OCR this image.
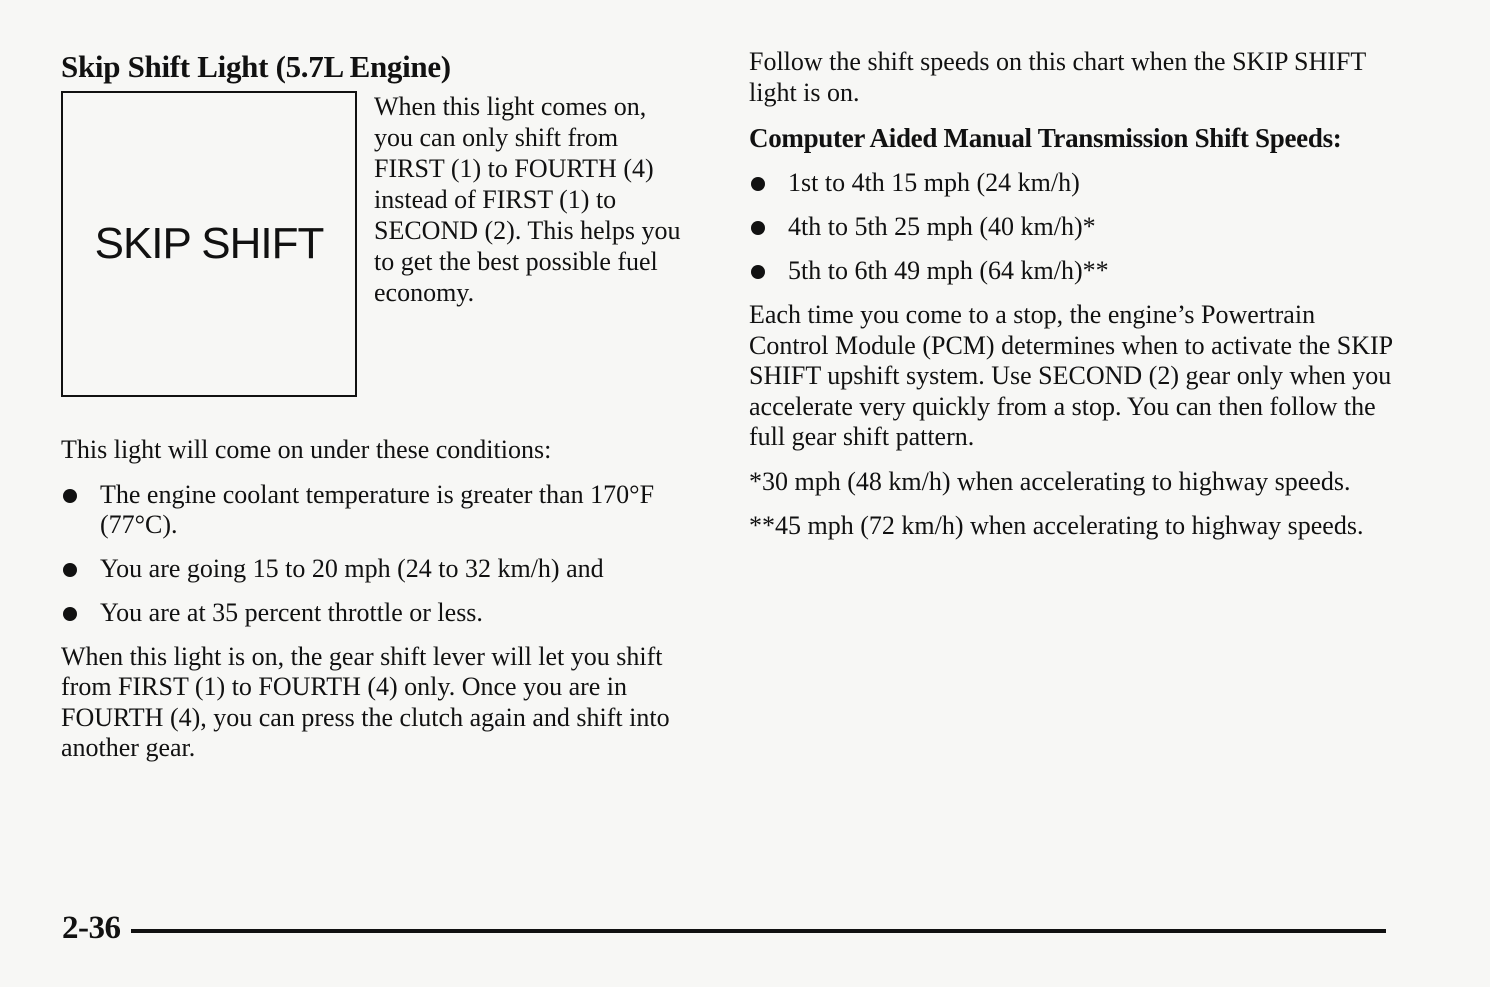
Skip Shift Light (5.7L Engine)
SKIP SHIFT
When this light comes on, you can only shift from FIRST (1) to FOURTH (4) instead of FIRST (1) to SECOND (2). This helps you to get the best possible fuel economy.

This light will come on under these conditions:

The engine coolant temperature is greater than 170°F (77°C).
You are going 15 to 20 mph (24 to 32 km/h) and
You are at 35 percent throttle or less.

When this light is on, the gear shift lever will let you shift from FIRST (1) to FOURTH (4) only. Once you are in FOURTH (4), you can press the clutch again and shift into another gear.

Follow the shift speeds on this chart when the SKIP SHIFT light is on.

Computer Aided Manual Transmission Shift Speeds:
1st to 4th 15 mph (24 km/h)
4th to 5th 25 mph (40 km/h)*
5th to 6th 49 mph (64 km/h)**

Each time you come to a stop, the engine’s Powertrain Control Module (PCM) determines when to activate the SKIP SHIFT upshift system. Use SECOND (2) gear only when you accelerate very quickly from a stop. You can then follow the full gear shift pattern.

*30 mph (48 km/h) when accelerating to highway speeds.

**45 mph (72 km/h) when accelerating to highway speeds.

2-36
